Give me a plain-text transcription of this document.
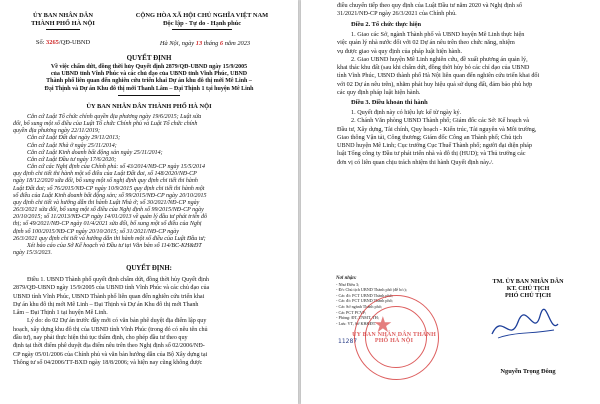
ỦY BAN NHÂN DÂN
THÀNH PHỐ HÀ NỘI
CỘNG HÒA XÃ HỘI CHỦ NGHĨA VIỆT NAM
Độc lập - Tự do - Hạnh phúc
Số: 3265/QĐ-UBND	Hà Nội, ngày 13 tháng 6 năm 2023
QUYẾT ĐỊNH
Về việc chấm dứt, đồng thời hủy Quyết định 2879/QĐ-UBND ngày 15/9/2005
của UBND tỉnh Vĩnh Phúc và các chủ đạo của UBND tỉnh Vĩnh Phúc, UBND
Thành phố liên quan đến nghiên cứu triển khai Dự án khu đô thị mới Mê Linh –
Đại Thịnh và Dự án Khu đô thị mới Thanh Lâm – Đại Thịnh 1 tại huyện Mê Linh
ỦY BAN NHÂN DÂN THÀNH PHỐ HÀ NỘI
Căn cứ Luật Tổ chức chính quyền địa phương ngày 19/6/2015; Luật sửa
đổi, bổ sung một số điều của Luật Tổ chức Chính phủ và Luật Tổ chức chính
quyền địa phương ngày 22/11/2019;
Căn cứ Luật Đất đai ngày 29/11/2013;
Căn cứ Luật Nhà ở ngày 25/11/2014;
Căn cứ Luật Kinh doanh bất động sản ngày 25/11/2014;
Căn cứ Luật Đầu tư ngày 17/6/2020;
Căn cứ các Nghị định của Chính phủ: số 43/2014/NĐ-CP ngày 15/5/2014
quy định chi tiết thi hành một số điều của Luật Đất đai, số 148/2020/NĐ-CP
ngày 18/12/2020 sửa đổi, bổ sung một số nghị định quy định chi tiết thi hành
Luật Đất đai; số 76/2015/NĐ-CP ngày 10/9/2015 quy định chi tiết thi hành một
số điều của Luật Kinh doanh bất động sản; số 99/2015/NĐ-CP ngày 20/10/2015
quy định chi tiết và hướng dẫn thi hành Luật Nhà ở; số 30/2021/NĐ-CP ngày
26/3/2021 sửa đổi, bổ sung một số điều của Nghị định số 99/2015/NĐ-CP ngày
20/10/2015; số 11/2013/NĐ-CP ngày 14/01/2013 về quản lý đầu tư phát triển đô
thị; số 49/2021/NĐ-CP ngày 01/4/2021 sửa đổi, bổ sung một số điều của Nghị
định số 100/2015/NĐ-CP ngày 20/10/2015; số 31/2021/NĐ-CP ngày
26/3/2021 quy định chi tiết và hướng dẫn thi hành một số điều của Luật Đầu tư;
Xét báo cáo của Sở Kế hoạch và Đầu tư tại Văn bản số 114/BC-KH&ĐT
ngày 15/3/2023.
QUYẾT ĐỊNH:
Điều 1. UBND Thành phố quyết định chấm dứt, đồng thời hủy Quyết định
2879/QĐ-UBND ngày 15/9/2005 của UBND tỉnh Vĩnh Phúc và các chủ đạo của
UBND tỉnh Vĩnh Phúc, UBND Thành phố liên quan đến nghiên cứu triển khai
Dự án khu đô thị mới Mê Linh – Đại Thịnh và Dự án Khu đô thị mới Thanh
Lâm – Đại Thịnh 1 tại huyện Mê Linh.
Lý do: do 02 Dự án trước đây mới có văn bản phê duyệt địa điểm lập quy
hoạch, xây dựng khu đô thị của UBND tỉnh Vĩnh Phúc (trong đó có nêu tên chủ
đầu tư), nay phải thực hiện thủ tục thẩm định, cho phép đầu tư theo quy
định tại thời điểm phê duyệt địa điểm nêu trên theo Nghị định số 02/2006/NĐ-
CP ngày 05/01/2006 của Chính phủ và văn bản hướng dẫn của Bộ Xây dựng tại
Thông tư số 04/2006/TT-BXD ngày 18/8/2006; và hiện nay cũng không được
điều chuyển tiếp theo quy định của Luật Đầu tư năm 2020 và Nghị định số
31/2021/NĐ-CP ngày 26/3/2021 của Chính phủ.
Điều 2. Tổ chức thực hiện
1. Giao các Sở, ngành Thành phố và UBND huyện Mê Linh thực hiện
việc quản lý nhà nước đối với 02 Dự án nêu trên theo chức năng, nhiệm
vụ được giao và quy định của pháp luật hiện hành.
2. Giao UBND huyện Mê Linh nghiên cứu, đề xuất phương án quản lý,
khai thác khu đất (sau khi chấm dứt, đồng thời hủy bỏ các chỉ đạo của UBND
tỉnh Vĩnh Phúc, UBND thành phố Hà Nội liên quan đến nghiên cứu triển khai đối
với 02 Dự án nêu trên), nhằm phát huy hiệu quả sử dụng đất, đảm bảo phù hợp
các quy định pháp luật hiện hành.
Điều 3. Điều khoản thi hành
1. Quyết định này có hiệu lực kể từ ngày ký.
2. Chánh Văn phòng UBND Thành phố; Giám đốc các Sở: Kế hoạch và
Đầu tư, Xây dựng, Tài chính, Quy hoạch - Kiến trúc, Tài nguyên và Môi trường,
Giao thông Vận tải, Công thương; Giám đốc Công an Thành phố; Chủ tịch
UBND huyện Mê Linh; Cục trưởng Cục Thuế Thành phố; người đại diện pháp
luật Tổng công ty Đầu tư phát triển nhà và đô thị (HUD); và Thủ trưởng các
đơn vị có liên quan chịu trách nhiệm thi hành Quyết định này./.
Nơi nhận:
- Như Điều 3;
- Đ/c Chủ tịch UBND Thành phố (để b/c);
- Các đ/c PCT UBND Thành phố;
- Các đ/c PCT UBND Thành phố;
- Các Sở ngành Thành phố;
- Các PCT PCVP;
- Phòng: ĐT, TNMT, TH;
- Lưu: VT, Sở KH&ĐT.
11287
★
ỦY BAN NHÂN DÂN THÀNH PHỐ HÀ NỘI
TM. ỦY BAN NHÂN DÂN
KT. CHỦ TỊCH
PHÓ CHỦ TỊCH
Nguyễn Trọng Đông
